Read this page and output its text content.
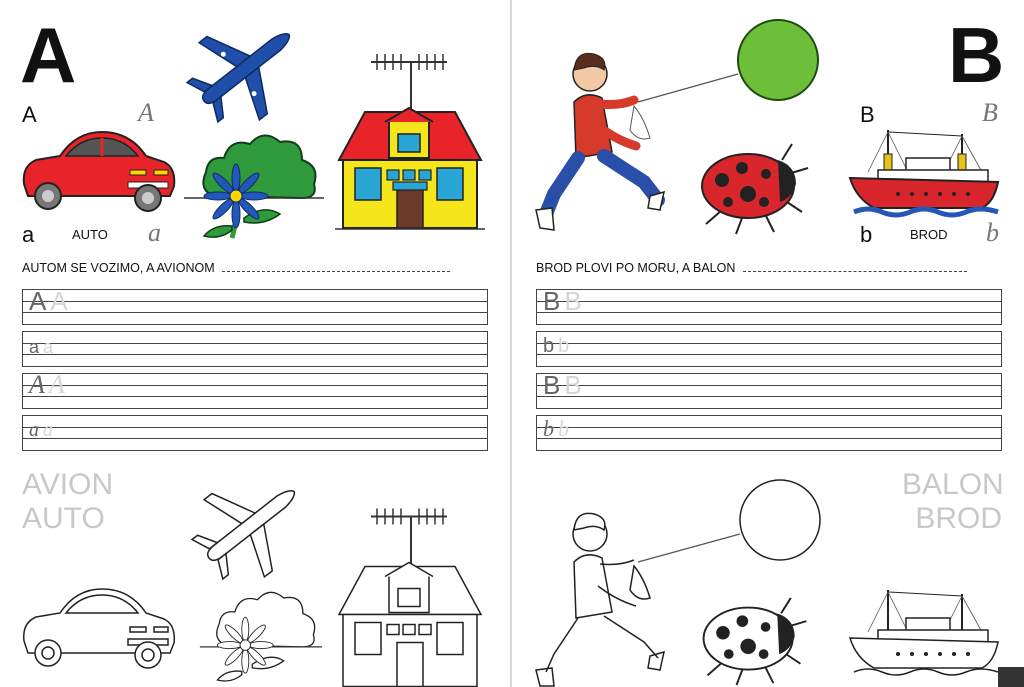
A
A	A
a	AUTO a
AUTOM SE VOZIMO, A AVIONOM
A A
a a
A A
a a
AVION
AUTO
B
B	B
b	BROD b
BROD PLOVI PO MORU, A BALON
B B
b b
B B
b b
BALON
BROD
